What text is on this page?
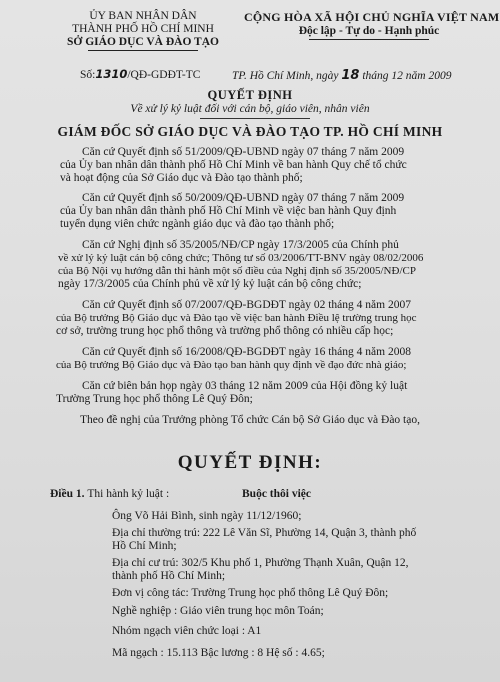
ỦY BAN NHÂN DÂN
THÀNH PHỐ HỒ CHÍ MINH
SỞ GIÁO DỤC VÀ ĐÀO TẠO
CỘNG HÒA XÃ HỘI CHỦ NGHĨA VIỆT NAM
Độc lập - Tự do - Hạnh phúc
Số:1310/QĐ-GDĐT-TC	TP. Hồ Chí Minh, ngày 18 tháng 12 năm 2009
QUYẾT ĐỊNH
Về xử lý kỷ luật đối với cán bộ, giáo viên, nhân viên
GIÁM ĐỐC SỞ GIÁO DỤC VÀ ĐÀO TẠO TP. HỒ CHÍ MINH
Căn cứ Quyết định số 51/2009/QĐ-UBND ngày 07 tháng 7 năm 2009
của Ủy ban nhân dân thành phố Hồ Chí Minh về ban hành Quy chế tổ chức
và hoạt động của Sở Giáo dục và Đào tạo thành phố;
Căn cứ Quyết định số 50/2009/QĐ-UBND ngày 07 tháng 7 năm 2009
của Ủy ban nhân dân thành phố Hồ Chí Minh về việc ban hành Quy định
tuyển dụng viên chức ngành giáo dục và đào tạo thành phố;
Căn cứ Nghị định số 35/2005/NĐ/CP ngày 17/3/2005 của Chính phủ
về xử lý kỷ luật cán bộ công chức; Thông tư số 03/2006/TT-BNV ngày 08/02/2006
của Bộ Nội vụ hướng dẫn thi hành một số điều của Nghị định số 35/2005/NĐ/CP
ngày 17/3/2005 của Chính phủ về xử lý kỷ luật cán bộ công chức;
Căn cứ Quyết định số 07/2007/QĐ-BGDĐT ngày 02 tháng 4 năm 2007
của Bộ trưởng Bộ Giáo dục và Đào tạo về việc ban hành Điều lệ trường trung học
cơ sở, trường trung học phổ thông và trường phổ thông có nhiều cấp học;
Căn cứ Quyết định số 16/2008/QĐ-BGDĐT ngày 16 tháng 4 năm 2008
của Bộ trưởng Bộ Giáo dục và Đào tạo ban hành quy định về đạo đức nhà giáo;
Căn cứ biên bản họp ngày 03 tháng 12 năm 2009 của Hội đồng kỷ luật
Trường Trung học phổ thông Lê Quý Đôn;
Theo đề nghị của Trưởng phòng Tổ chức Cán bộ Sở Giáo dục và Đào tạo,
QUYẾT ĐỊNH:
Điều 1. Thi hành kỷ luật :	Buộc thôi việc
Ông Võ Hải Bình, sinh ngày 11/12/1960;
Địa chỉ thường trú: 222 Lê Văn Sĩ, Phường 14, Quận 3, thành phố
Hồ Chí Minh;
Địa chỉ cư trú: 302/5 Khu phố 1, Phường Thạnh Xuân, Quận 12,
thành phố Hồ Chí Minh;
Đơn vị công tác: Trường Trung học phổ thông Lê Quý Đôn;
Nghề nghiệp : Giáo viên trung học môn Toán;
Nhóm ngạch viên chức loại : A1
Mã ngạch : 15.113 Bậc lương : 8 Hệ số : 4.65;
